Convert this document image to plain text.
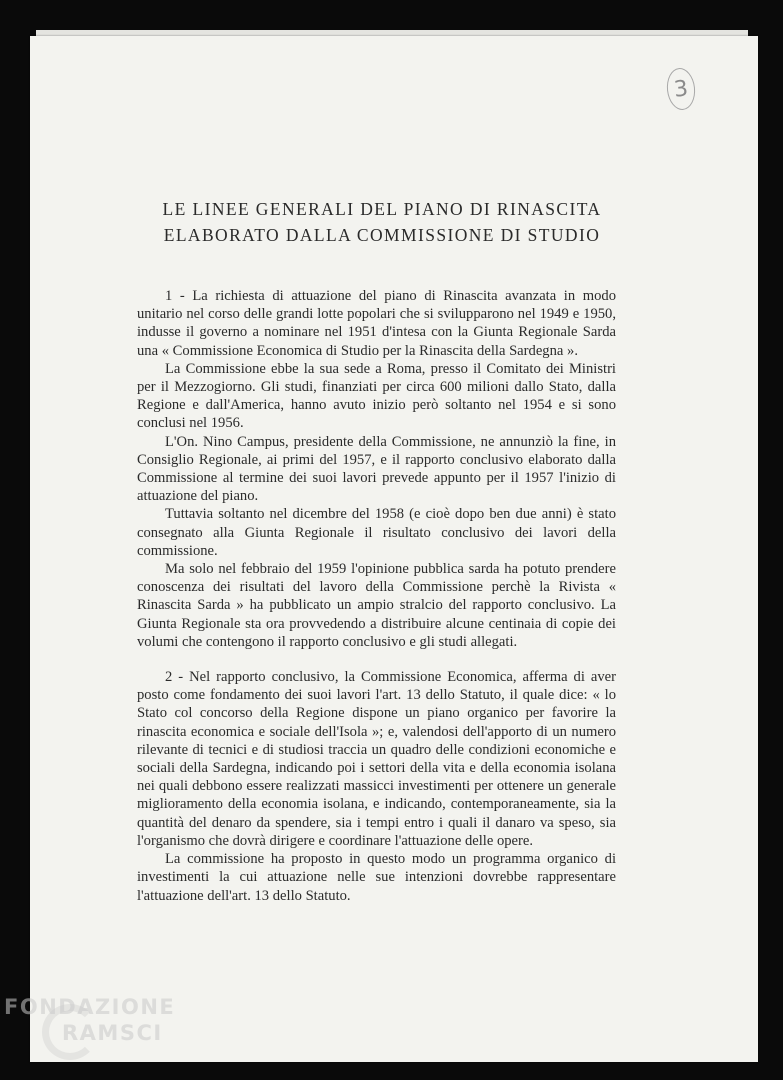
3
LE LINEE GENERALI DEL PIANO DI RINASCITA
ELABORATO DALLA COMMISSIONE DI STUDIO

1 - La richiesta di attuazione del piano di Rinascita avanzata in modo unitario nel corso delle grandi lotte popolari che si svilupparono nel 1949 e 1950, indusse il governo a nominare nel 1951 d'intesa con la Giunta Regionale Sarda una « Commissione Economica di Studio per la Rinascita della Sardegna ».

La Commissione ebbe la sua sede a Roma, presso il Comitato dei Ministri per il Mezzogiorno. Gli studi, finanziati per circa 600 milioni dallo Stato, dalla Regione e dall'America, hanno avuto inizio però soltanto nel 1954 e si sono conclusi nel 1956.

L'On. Nino Campus, presidente della Commissione, ne annunziò la fine, in Consiglio Regionale, ai primi del 1957, e il rapporto conclusivo elaborato dalla Commissione al termine dei suoi lavori prevede appunto per il 1957 l'inizio di attuazione del piano.

Tuttavia soltanto nel dicembre del 1958 (e cioè dopo ben due anni) è stato consegnato alla Giunta Regionale il risultato conclusivo dei lavori della commissione.

Ma solo nel febbraio del 1959 l'opinione pubblica sarda ha potuto prendere conoscenza dei risultati del lavoro della Commissione perchè la Rivista « Rinascita Sarda » ha pubblicato un ampio stralcio del rapporto conclusivo. La Giunta Regionale sta ora provvedendo a distribuire alcune centinaia di copie dei volumi che contengono il rapporto conclusivo e gli studi allegati.

2 - Nel rapporto conclusivo, la Commissione Economica, afferma di aver posto come fondamento dei suoi lavori l'art. 13 dello Statuto, il quale dice: « lo Stato col concorso della Regione dispone un piano organico per favorire la rinascita economica e sociale dell'Isola »; e, valendosi dell'apporto di un numero rilevante di tecnici e di studiosi traccia un quadro delle condizioni economiche e sociali della Sardegna, indicando poi i settori della vita e della economia isolana nei quali debbono essere realizzati massicci investimenti per ottenere un generale miglioramento della economia isolana, e indicando, contemporaneamente, sia la quantità del denaro da spendere, sia i tempi entro i quali il danaro va speso, sia l'organismo che dovrà dirigere e coordinare l'attuazione delle opere.

La commissione ha proposto in questo modo un programma organico di investimenti la cui attuazione nelle sue intenzioni dovrebbe rappresentare l'attuazione dell'art. 13 dello Statuto.

FONDAZIONE
RAMSCI
